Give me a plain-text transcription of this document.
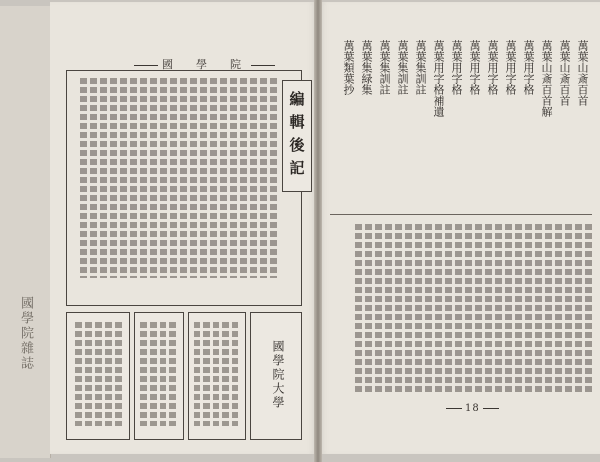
國學院雜誌
國　學　院
編輯後記
國學院大學
萬葉山斎百首
萬葉山斎百首
萬葉山斎百首解
萬葉用字格
萬葉用字格
萬葉用字格
萬葉用字格
萬葉用字格
萬葉用字格補遺
萬葉集訓註
萬葉集訓註
萬葉集訓註
萬葉集緑集
萬葉類葉抄
18
